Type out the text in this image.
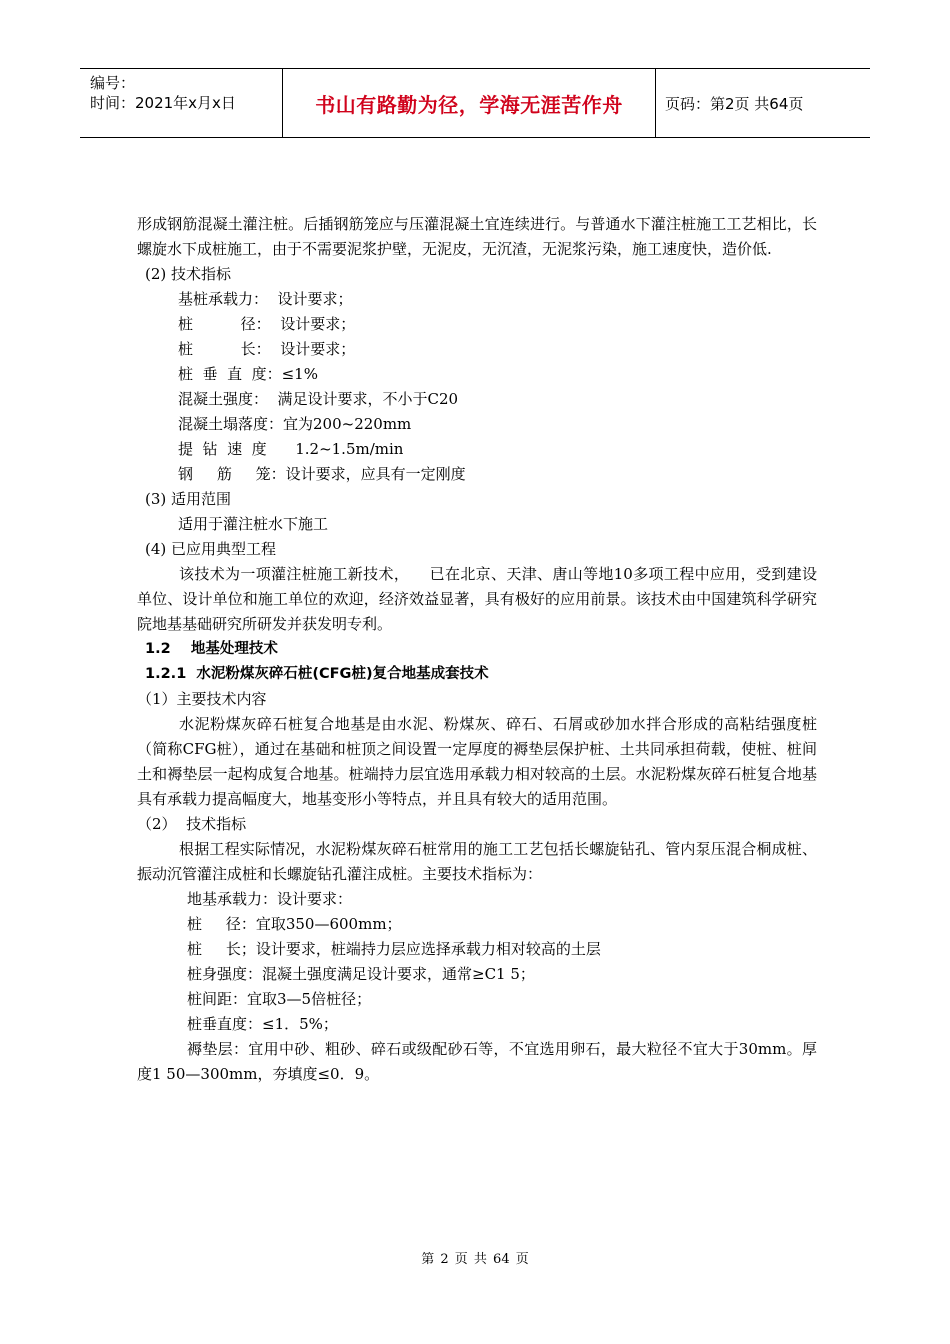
编号：
时间：2021年x月x日	书山有路勤为径，学海无涯苦作舟	页码：第2页 共64页

形成钢筋混凝土灌注桩。后插钢筋笼应与压灌混凝土宜连续进行。与普通水下灌注桩施工工艺相比，长螺旋水下成桩施工，由于不需要泥浆护壁，无泥皮，无沉渣，无泥浆污染，施工速度快，造价低.

(2) 技术指标

基桩承载力：  设计要求；

桩          径：  设计要求；

桩          长：  设计要求；

桩  垂  直  度：≤1%

混凝土强度：  满足设计要求，不小于C20

混凝土塌落度：宜为200~220mm

提  钻  速  度      1.2~1.5m/min

钢     筋     笼：设计要求，应具有一定刚度

(3) 适用范围

适用于灌注桩水下施工

(4) 已应用典型工程

该技术为一项灌注桩施工新技术，    已在北京、天津、唐山等地10多项工程中应用，受到建设单位、设计单位和施工单位的欢迎，经济效益显著，具有极好的应用前景。该技术由中国建筑科学研究院地基基础研究所研发并获发明专利。

1.2    地基处理技术

1.2.1  水泥粉煤灰碎石桩(CFG桩)复合地基成套技术

（1）主要技术内容

水泥粉煤灰碎石桩复合地基是由水泥、粉煤灰、碎石、石屑或砂加水拌合形成的高粘结强度桩（简称CFG桩），通过在基础和桩顶之间设置一定厚度的褥垫层保护桩、土共同承担荷载，使桩、桩间土和褥垫层一起构成复合地基。桩端持力层宜选用承载力相对较高的土层。水泥粉煤灰碎石桩复合地基具有承载力提高幅度大，地基变形小等特点，并且具有较大的适用范围。

（2）  技术指标

根据工程实际情况，水泥粉煤灰碎石桩常用的施工工艺包括长螺旋钻孔、管内泵压混合桐成桩、振动沉管灌注成桩和长螺旋钻孔灌注成桩。主要技术指标为：

地基承载力：设计要求：

桩     径：宜取350—600mm；

桩     长；设计要求，桩端持力层应选择承载力相对较高的土层

桩身强度：混凝土强度满足设计要求，通常≥C1 5；

桩间距：宜取3—5倍桩径；

桩垂直度：≤1．5%；

褥垫层：宜用中砂、粗砂、碎石或级配砂石等，不宜选用卵石，最大粒径不宜大于30mm。厚度1 50—300mm，夯填度≤0．9。

第 2 页 共 64 页
